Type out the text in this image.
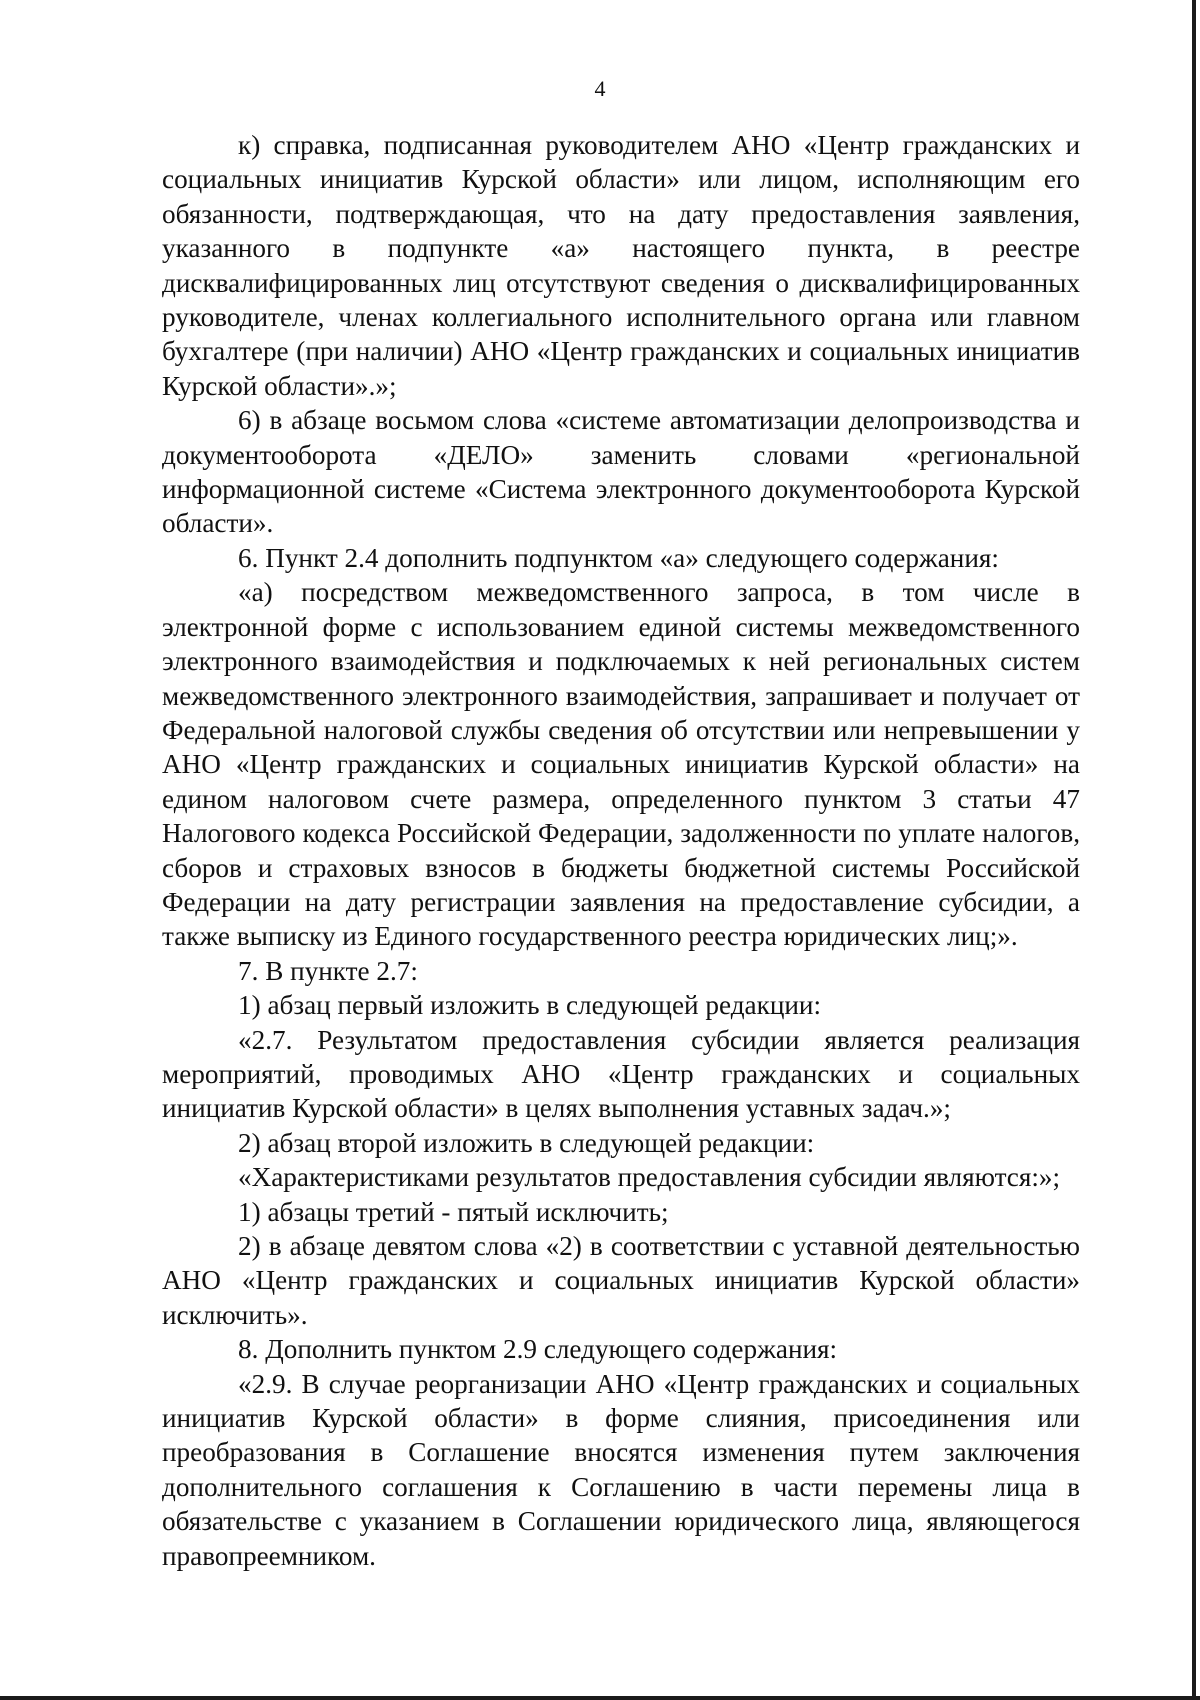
4

к) справка, подписанная руководителем АНО «Центр гражданских и социальных инициатив Курской области» или лицом, исполняющим его обязанности, подтверждающая, что на дату предоставления заявления, указанного в подпункте «а» настоящего пункта, в реестре дисквалифицированных лиц отсутствуют сведения о дисквалифицированных руководителе, членах коллегиального исполнительного органа или главном бухгалтере (при наличии) АНО «Центр гражданских и социальных инициатив Курской области».»;

6) в абзаце восьмом слова «системе автоматизации делопроизводства и документооборота «ДЕЛО» заменить словами «региональной информационной системе «Система электронного документооборота Курской области».

6. Пункт 2.4 дополнить подпунктом «а» следующего содержания:

«а) посредством межведомственного запроса, в том числе в электронной форме с использованием единой системы межведомственного электронного взаимодействия и подключаемых к ней региональных систем межведомственного электронного взаимодействия, запрашивает и получает от Федеральной налоговой службы сведения об отсутствии или непревышении у АНО «Центр гражданских и социальных инициатив Курской области» на едином налоговом счете размера, определенного пунктом 3 статьи 47 Налогового кодекса Российской Федерации, задолженности по уплате налогов, сборов и страховых взносов в бюджеты бюджетной системы Российской Федерации на дату регистрации заявления на предоставление субсидии, а также выписку из Единого государственного реестра юридических лиц;».

7. В пункте 2.7:

1) абзац первый изложить в следующей редакции:

«2.7. Результатом предоставления субсидии является реализация мероприятий, проводимых АНО «Центр гражданских и социальных инициатив Курской области» в целях выполнения уставных задач.»;

2) абзац второй изложить в следующей редакции:

«Характеристиками результатов предоставления субсидии являются:»;

1) абзацы третий - пятый исключить;

2) в абзаце девятом слова «2) в соответствии с уставной деятельностью АНО «Центр гражданских и социальных инициатив Курской области» исключить».

8. Дополнить пунктом 2.9 следующего содержания:

«2.9. В случае реорганизации АНО «Центр гражданских и социальных инициатив Курской области» в форме слияния, присоединения или преобразования в Соглашение вносятся изменения путем заключения дополнительного соглашения к Соглашению в части перемены лица в обязательстве с указанием в Соглашении юридического лица, являющегося правопреемником.
